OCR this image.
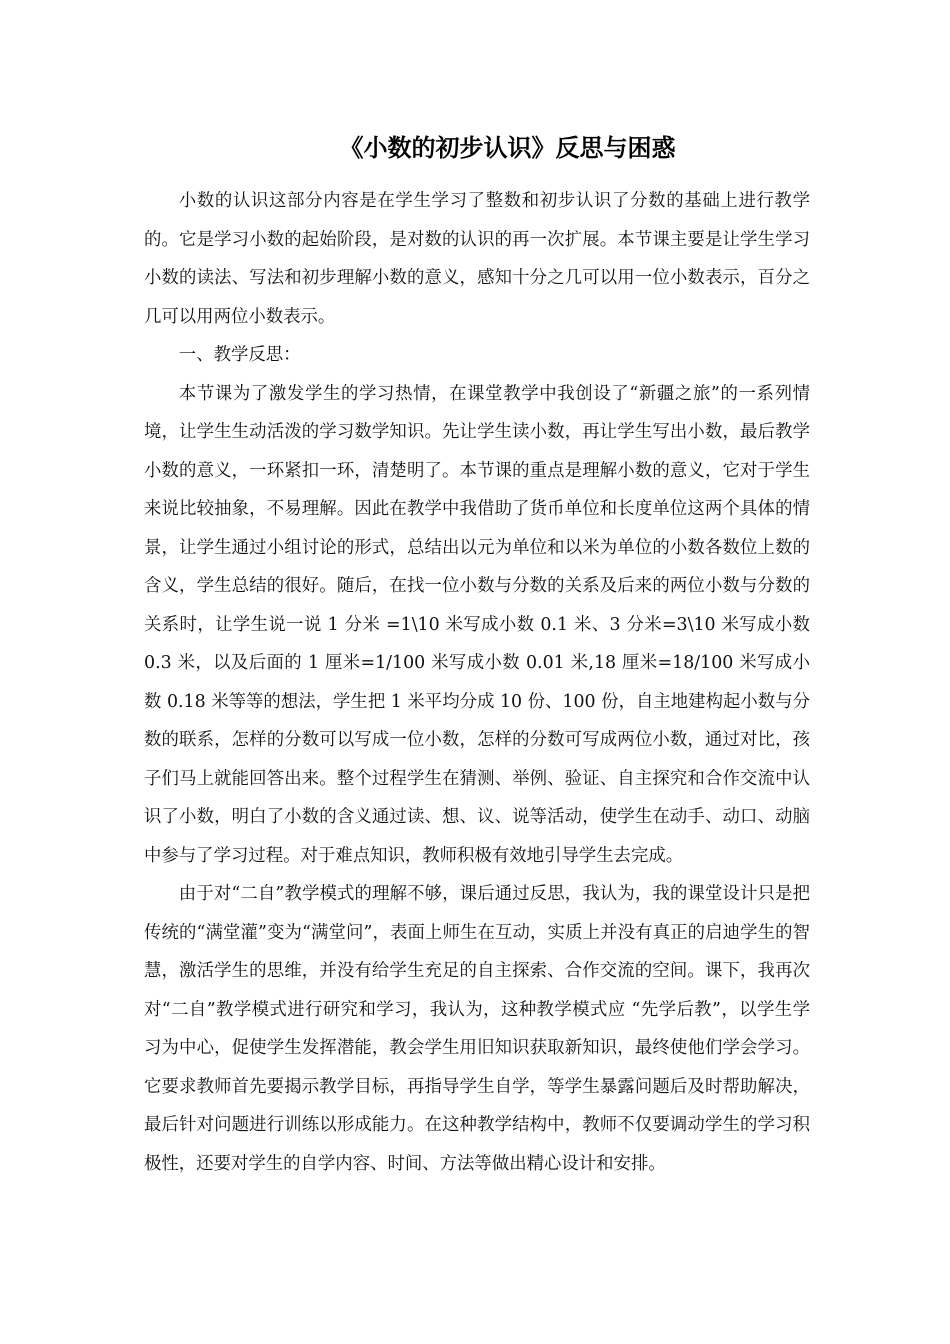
《小数的初步认识》反思与困惑

小数的认识这部分内容是在学生学习了整数和初步认识了分数的基础上进行教学的。它是学习小数的起始阶段，是对数的认识的再一次扩展。本节课主要是让学生学习小数的读法、写法和初步理解小数的意义，感知十分之几可以用一位小数表示，百分之几可以用两位小数表示。

一、教学反思：

本节课为了激发学生的学习热情，在课堂教学中我创设了“新疆之旅”的一系列情境，让学生生动活泼的学习数学知识。先让学生读小数，再让学生写出小数，最后教学小数的意义，一环紧扣一环，清楚明了。本节课的重点是理解小数的意义，它对于学生来说比较抽象，不易理解。因此在教学中我借助了货币单位和长度单位这两个具体的情景，让学生通过小组讨论的形式，总结出以元为单位和以米为单位的小数各数位上数的含义，学生总结的很好。随后，在找一位小数与分数的关系及后来的两位小数与分数的关系时，让学生说一说 1 分米 =1\10 米写成小数 0.1 米、3 分米=3\10 米写成小数 0.3 米，以及后面的 1 厘米=1/100 米写成小数 0.01 米,18 厘米=18/100 米写成小数 0.18 米等等的想法，学生把 1 米平均分成 10 份、100 份，自主地建构起小数与分数的联系，怎样的分数可以写成一位小数，怎样的分数可写成两位小数，通过对比，孩子们马上就能回答出来。整个过程学生在猜测、举例、验证、自主探究和合作交流中认识了小数，明白了小数的含义通过读、想、议、说等活动，使学生在动手、动口、动脑中参与了学习过程。对于难点知识，教师积极有效地引导学生去完成。

由于对“二自”教学模式的理解不够，课后通过反思，我认为，我的课堂设计只是把传统的“满堂灌”变为“满堂问”，表面上师生在互动，实质上并没有真正的启迪学生的智慧，激活学生的思维，并没有给学生充足的自主探索、合作交流的空间。课下，我再次对“二自”教学模式进行研究和学习，我认为，这种教学模式应 “先学后教”，以学生学习为中心，促使学生发挥潜能，教会学生用旧知识获取新知识，最终使他们学会学习。它要求教师首先要揭示教学目标，再指导学生自学，等学生暴露问题后及时帮助解决，最后针对问题进行训练以形成能力。在这种教学结构中，教师不仅要调动学生的学习积极性，还要对学生的自学内容、时间、方法等做出精心设计和安排。
